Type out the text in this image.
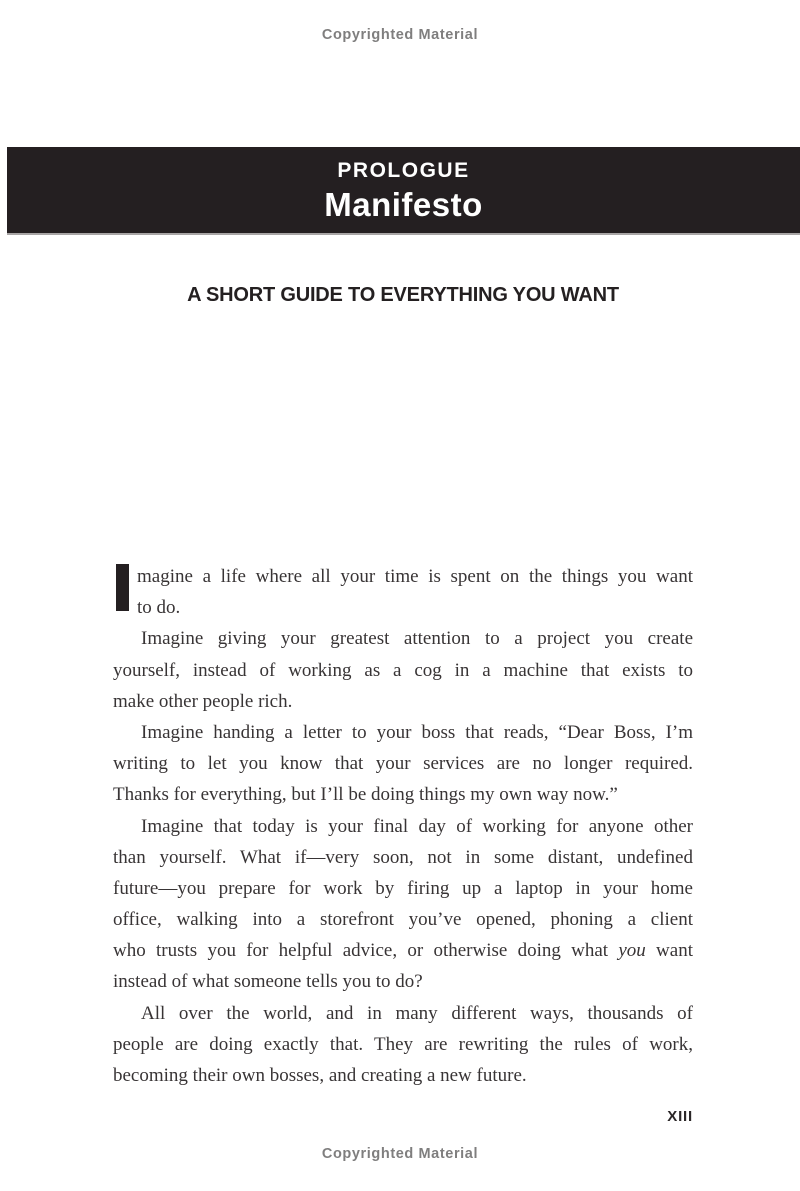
Copyrighted Material
PROLOGUE
Manifesto
A SHORT GUIDE TO EVERYTHING YOU WANT
magine a life where all your time is spent on the things you want
to do.
Imagine giving your greatest attention to a project you create
yourself, instead of working as a cog in a machine that exists to
make other people rich.
Imagine handing a letter to your boss that reads, “Dear Boss, I’m
writing to let you know that your services are no longer required.
Thanks for everything, but I’ll be doing things my own way now.”
Imagine that today is your final day of working for anyone other
than yourself. What if—very soon, not in some distant, undefined
future—you prepare for work by firing up a laptop in your home
office, walking into a storefront you’ve opened, phoning a client
who trusts you for helpful advice, or otherwise doing what you want
instead of what someone tells you to do?
All over the world, and in many different ways, thousands of
people are doing exactly that. They are rewriting the rules of work,
becoming their own bosses, and creating a new future.
XIII
Copyrighted Material
